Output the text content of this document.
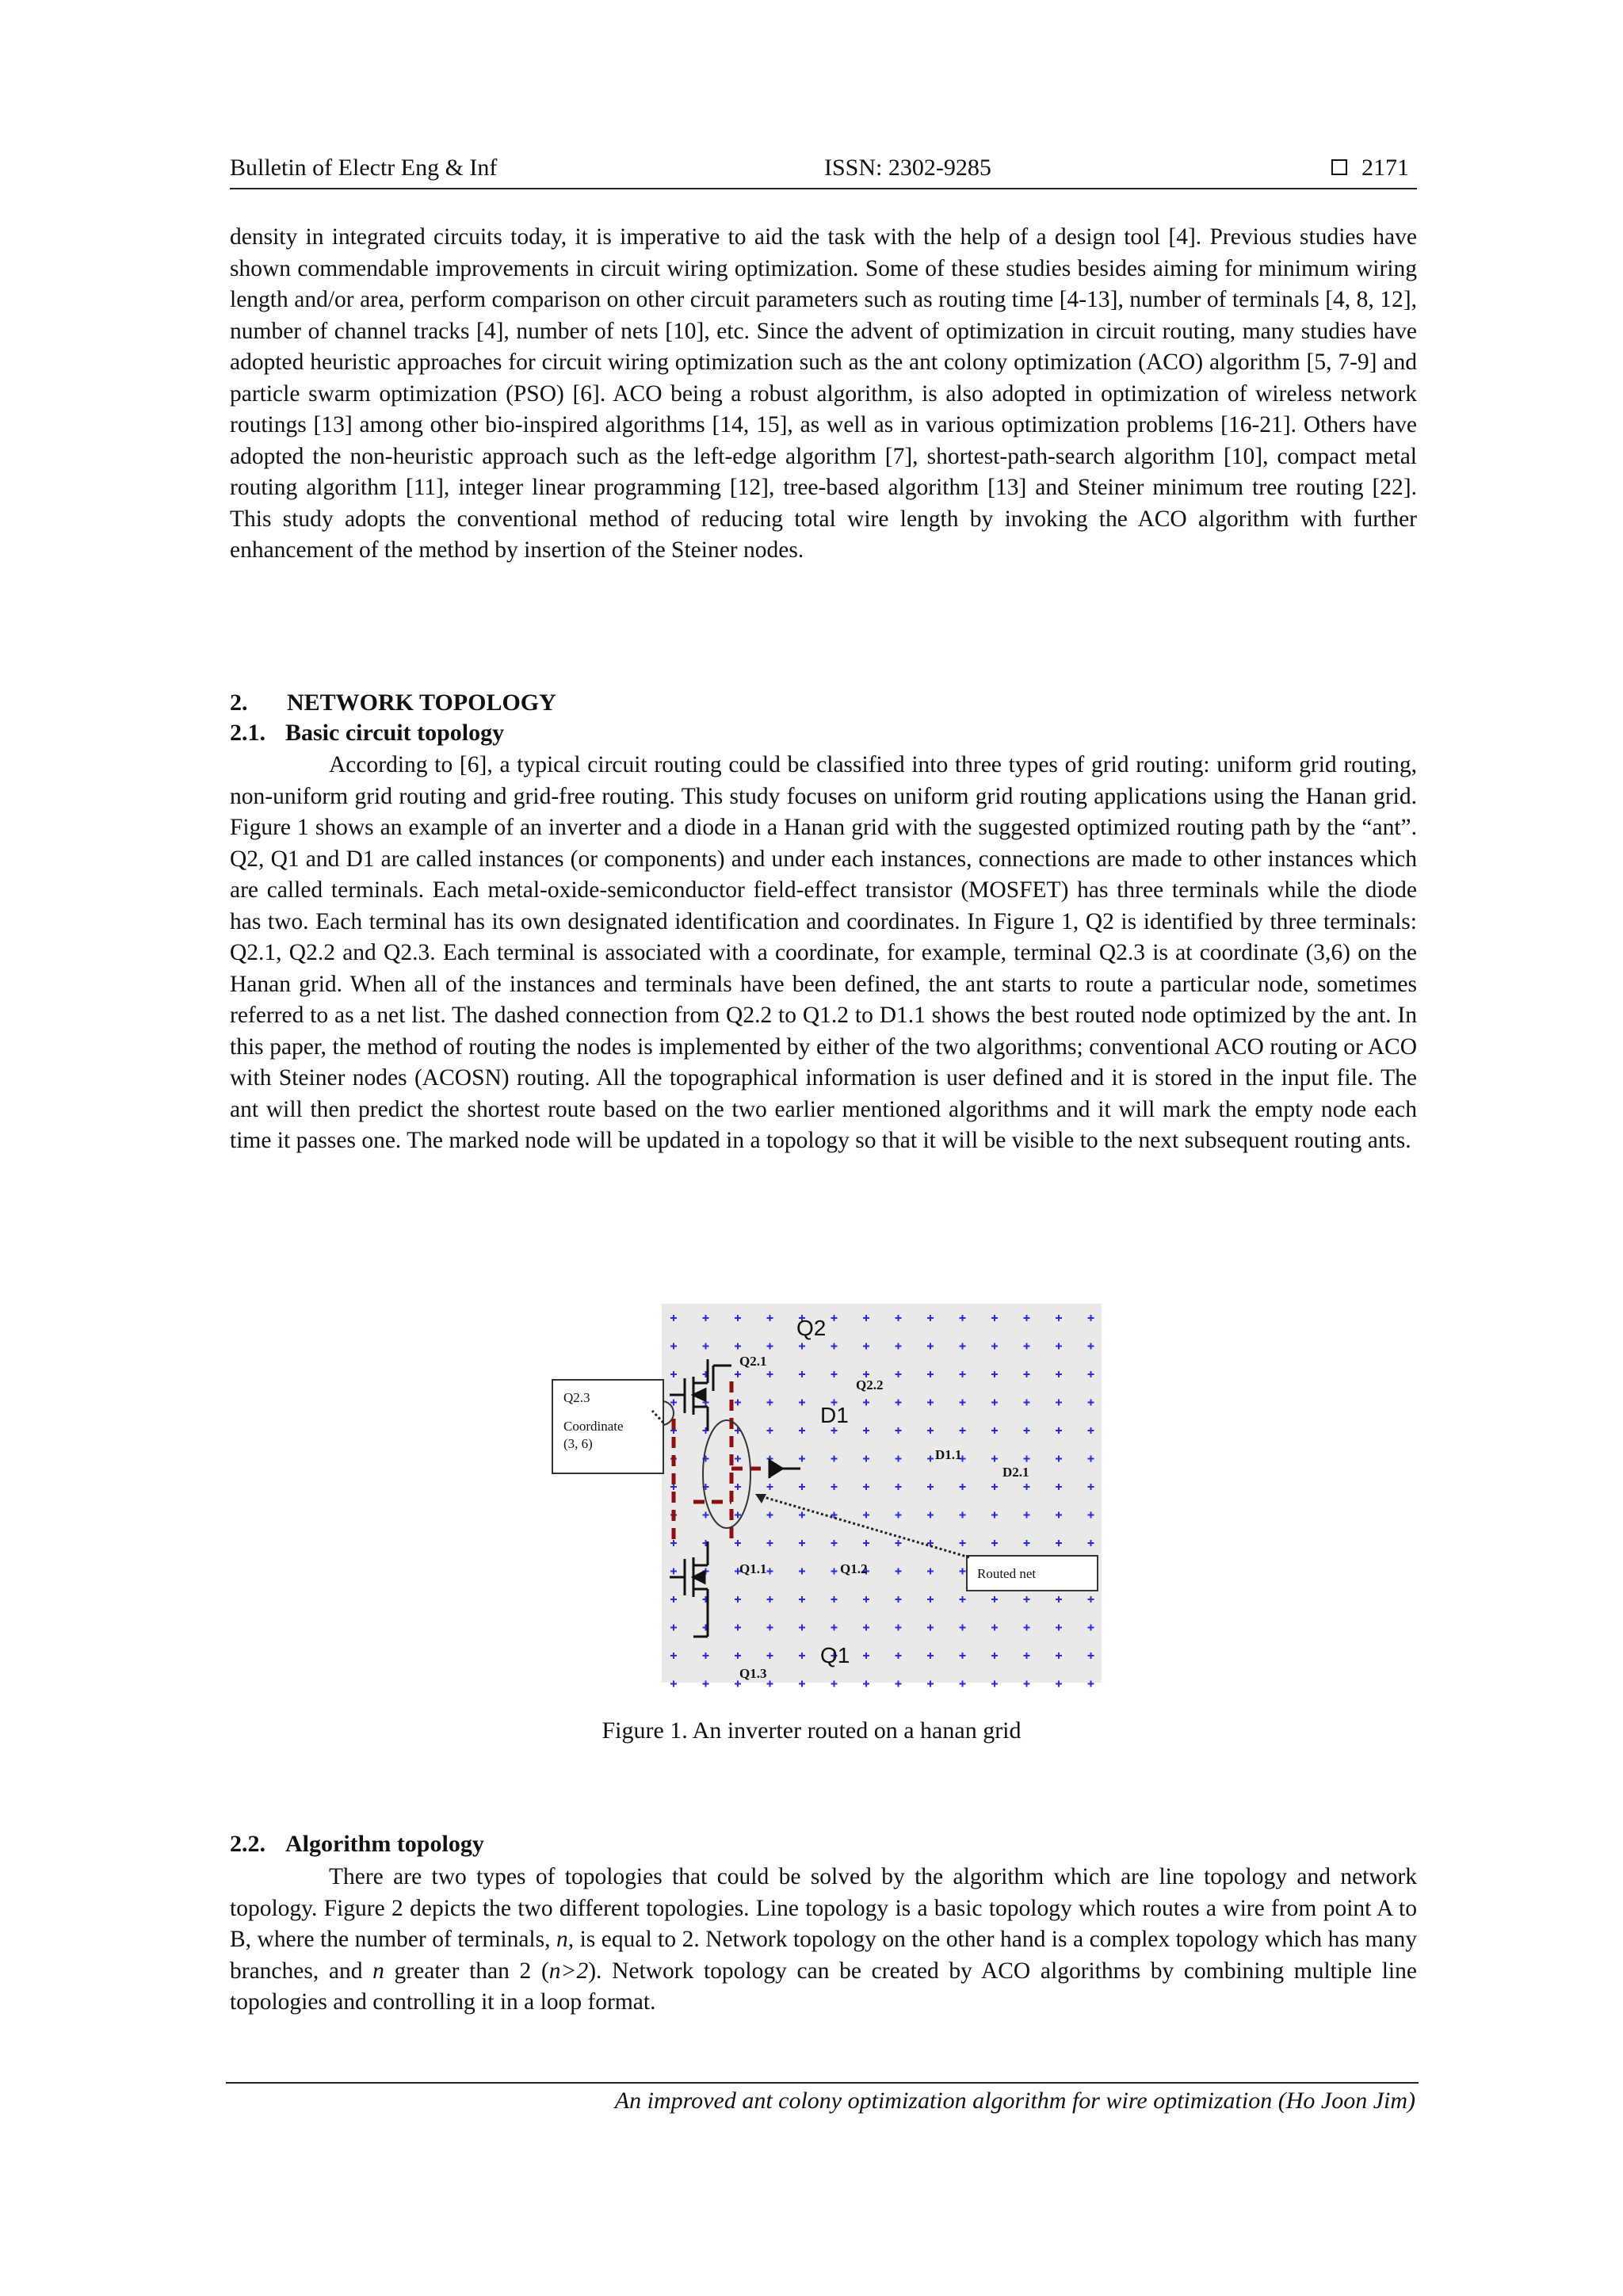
Bulletin of Electr Eng & Inf	ISSN: 2302-9285	2171

density in integrated circuits today, it is imperative to aid the task with the help of a design tool [4]. Previous studies have shown commendable improvements in circuit wiring optimization. Some of these studies besides aiming for minimum wiring length and/or area, perform comparison on other circuit parameters such as routing time [4-13], number of terminals [4, 8, 12], number of channel tracks [4], number of nets [10], etc. Since the advent of optimization in circuit routing, many studies have adopted heuristic approaches for circuit wiring optimization such as the ant colony optimization (ACO) algorithm [5, 7-9] and particle swarm optimization (PSO) [6]. ACO being a robust algorithm, is also adopted in optimization of wireless network routings [13] among other bio-inspired algorithms [14, 15], as well as in various optimization problems [16-21]. Others have adopted the non-heuristic approach such as the left-edge algorithm [7], shortest-path-search algorithm [10], compact metal routing algorithm [11], integer linear programming [12], tree-based algorithm [13] and Steiner minimum tree routing [22]. This study adopts the conventional method of reducing total wire length by invoking the ACO algorithm with further enhancement of the method by insertion of the Steiner nodes.

2. NETWORK TOPOLOGY
2.1. Basic circuit topology

According to [6], a typical circuit routing could be classified into three types of grid routing: uniform grid routing, non-uniform grid routing and grid-free routing. This study focuses on uniform grid routing applications using the Hanan grid. Figure 1 shows an example of an inverter and a diode in a Hanan grid with the suggested optimized routing path by the “ant”. Q2, Q1 and D1 are called instances (or components) and under each instances, connections are made to other instances which are called terminals. Each metal-oxide-semiconductor field-effect transistor (MOSFET) has three terminals while the diode has two. Each terminal has its own designated identification and coordinates. In Figure 1, Q2 is identified by three terminals: Q2.1, Q2.2 and Q2.3. Each terminal is associated with a coordinate, for example, terminal Q2.3 is at coordinate (3,6) on the Hanan grid. When all of the instances and terminals have been defined, the ant starts to route a particular node, sometimes referred to as a net list. The dashed connection from Q2.2 to Q1.2 to D1.1 shows the best routed node optimized by the ant. In this paper, the method of routing the nodes is implemented by either of the two algorithms; conventional ACO routing or ACO with Steiner nodes (ACOSN) routing. All the topographical information is user defined and it is stored in the input file. The ant will then predict the shortest route based on the two earlier mentioned algorithms and it will mark the empty node each time it passes one. The marked node will be updated in a topology so that it will be visible to the next subsequent routing ants.

Q2.3
Coordinate
(3, 6)
Routed net
Q2
D1
Q1
Q2.1
Q2.2
D1.1
D2.1
Q1.1	Q1.2
Q1.3

Figure 1. An inverter routed on a hanan grid

2.2. Algorithm topology

There are two types of topologies that could be solved by the algorithm which are line topology and network topology. Figure 2 depicts the two different topologies. Line topology is a basic topology which routes a wire from point A to B, where the number of terminals, n, is equal to 2. Network topology on the other hand is a complex topology which has many branches, and n greater than 2 (n>2). Network topology can be created by ACO algorithms by combining multiple line topologies and controlling it in a loop format.

An improved ant colony optimization algorithm for wire optimization (Ho Joon Jim)
